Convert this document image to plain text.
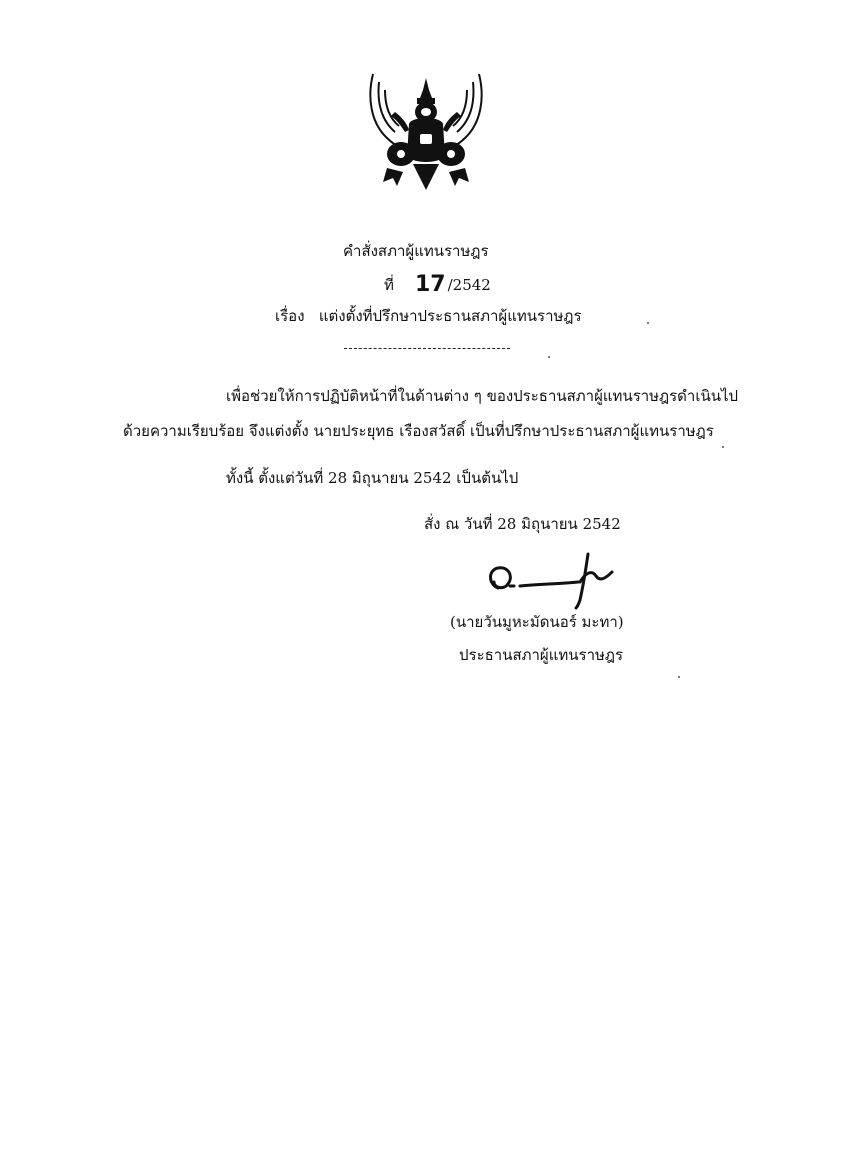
คำสั่งสภาผู้แทนราษฎร
ที่ 17 /2542
เรื่อง แต่งตั้งที่ปรึกษาประธานสภาผู้แทนราษฎร
เพื่อช่วยให้การปฏิบัติหน้าที่ในด้านต่าง ๆ ของประธานสภาผู้แทนราษฎรดำเนินไป
ด้วยความเรียบร้อย จึงแต่งตั้ง นายประยุทธ เรืองสวัสดิ์ เป็นที่ปรึกษาประธานสภาผู้แทนราษฎร
ทั้งนี้ ตั้งแต่วันที่ 28 มิถุนายน 2542 เป็นต้นไป
สั่ง ณ วันที่ 28 มิถุนายน 2542
(นายวันมูหะมัดนอร์ มะทา)
ประธานสภาผู้แทนราษฎร
